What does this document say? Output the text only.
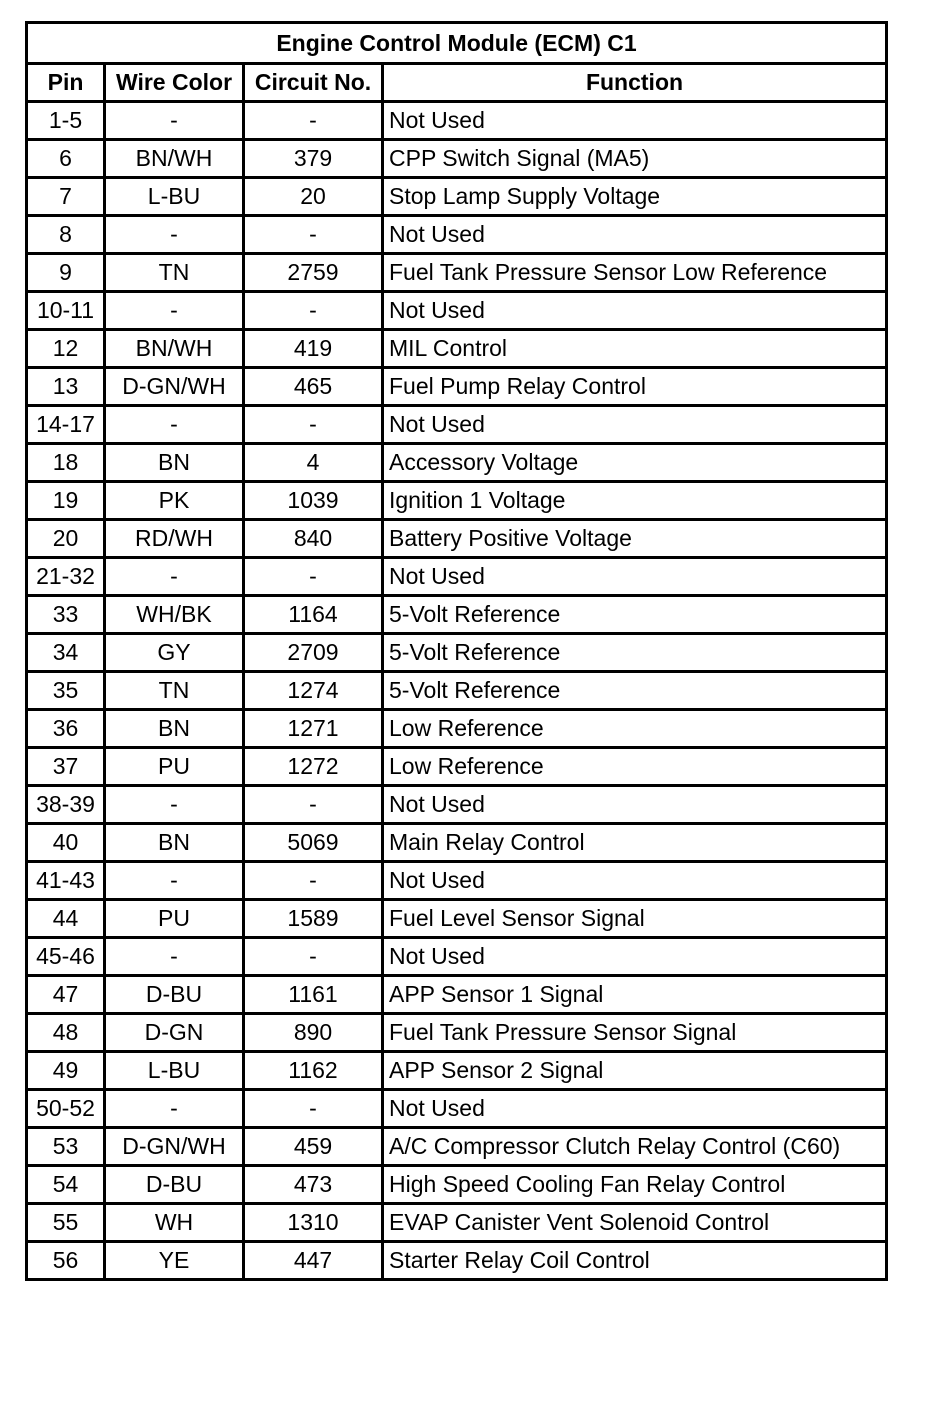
Engine Control Module (ECM) C1			
Pin	Wire Color	Circuit No.	Function
1-5	-	-	Not Used
6	BN/WH	379	CPP Switch Signal (MA5)
7	L-BU	20	Stop Lamp Supply Voltage
8	-	-	Not Used
9	TN	2759	Fuel Tank Pressure Sensor Low Reference
10-11	-	-	Not Used
12	BN/WH	419	MIL Control
13	D-GN/WH	465	Fuel Pump Relay Control
14-17	-	-	Not Used
18	BN	4	Accessory Voltage
19	PK	1039	Ignition 1 Voltage
20	RD/WH	840	Battery Positive Voltage
21-32	-	-	Not Used
33	WH/BK	1164	5-Volt Reference
34	GY	2709	5-Volt Reference
35	TN	1274	5-Volt Reference
36	BN	1271	Low Reference
37	PU	1272	Low Reference
38-39	-	-	Not Used
40	BN	5069	Main Relay Control
41-43	-	-	Not Used
44	PU	1589	Fuel Level Sensor Signal
45-46	-	-	Not Used
47	D-BU	1161	APP Sensor 1 Signal
48	D-GN	890	Fuel Tank Pressure Sensor Signal
49	L-BU	1162	APP Sensor 2 Signal
50-52	-	-	Not Used
53	D-GN/WH	459	A/C Compressor Clutch Relay Control (C60)
54	D-BU	473	High Speed Cooling Fan Relay Control
55	WH	1310	EVAP Canister Vent Solenoid Control
56	YE	447	Starter Relay Coil Control
